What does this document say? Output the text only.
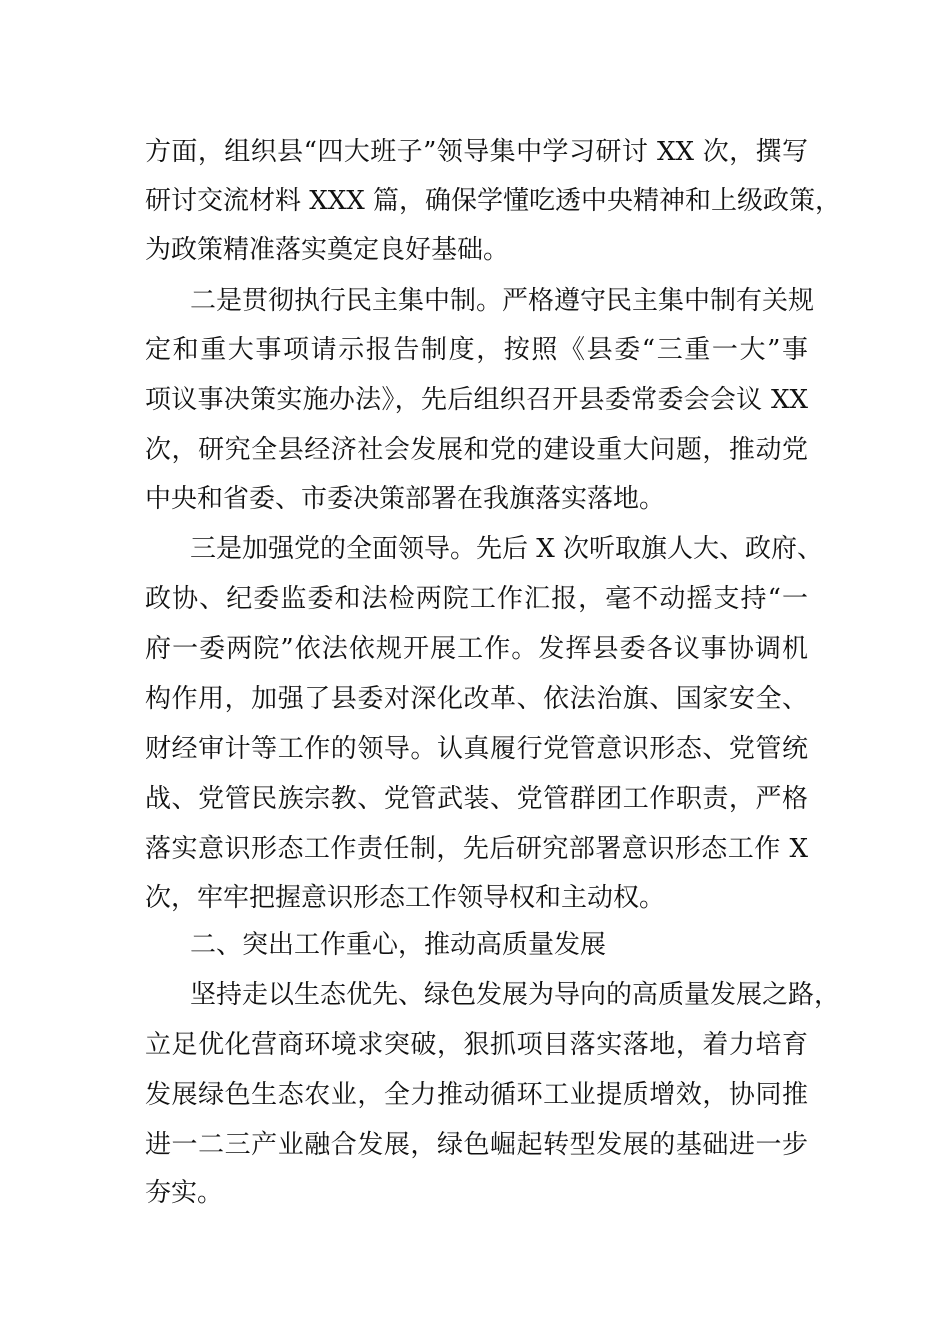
方面，组织县“四大班子”领导集中学习研讨 XX 次，撰写
研讨交流材料 XXX 篇，确保学懂吃透中央精神和上级政策，
为政策精准落实奠定良好基础。
二是贯彻执行民主集中制。严格遵守民主集中制有关规
定和重大事项请示报告制度，按照《县委“三重一大”事
项议事决策实施办法》，先后组织召开县委常委会会议 XX
次，研究全县经济社会发展和党的建设重大问题，推动党
中央和省委、市委决策部署在我旗落实落地。
三是加强党的全面领导。先后 X 次听取旗人大、政府、
政协、纪委监委和法检两院工作汇报，毫不动摇支持“一
府一委两院”依法依规开展工作。发挥县委各议事协调机
构作用，加强了县委对深化改革、依法治旗、国家安全、
财经审计等工作的领导。认真履行党管意识形态、党管统
战、党管民族宗教、党管武装、党管群团工作职责，严格
落实意识形态工作责任制，先后研究部署意识形态工作 X
次，牢牢把握意识形态工作领导权和主动权。
二、突出工作重心，推动高质量发展
坚持走以生态优先、绿色发展为导向的高质量发展之路，
立足优化营商环境求突破，狠抓项目落实落地，着力培育
发展绿色生态农业，全力推动循环工业提质增效，协同推
进一二三产业融合发展，绿色崛起转型发展的基础进一步
夯实。
